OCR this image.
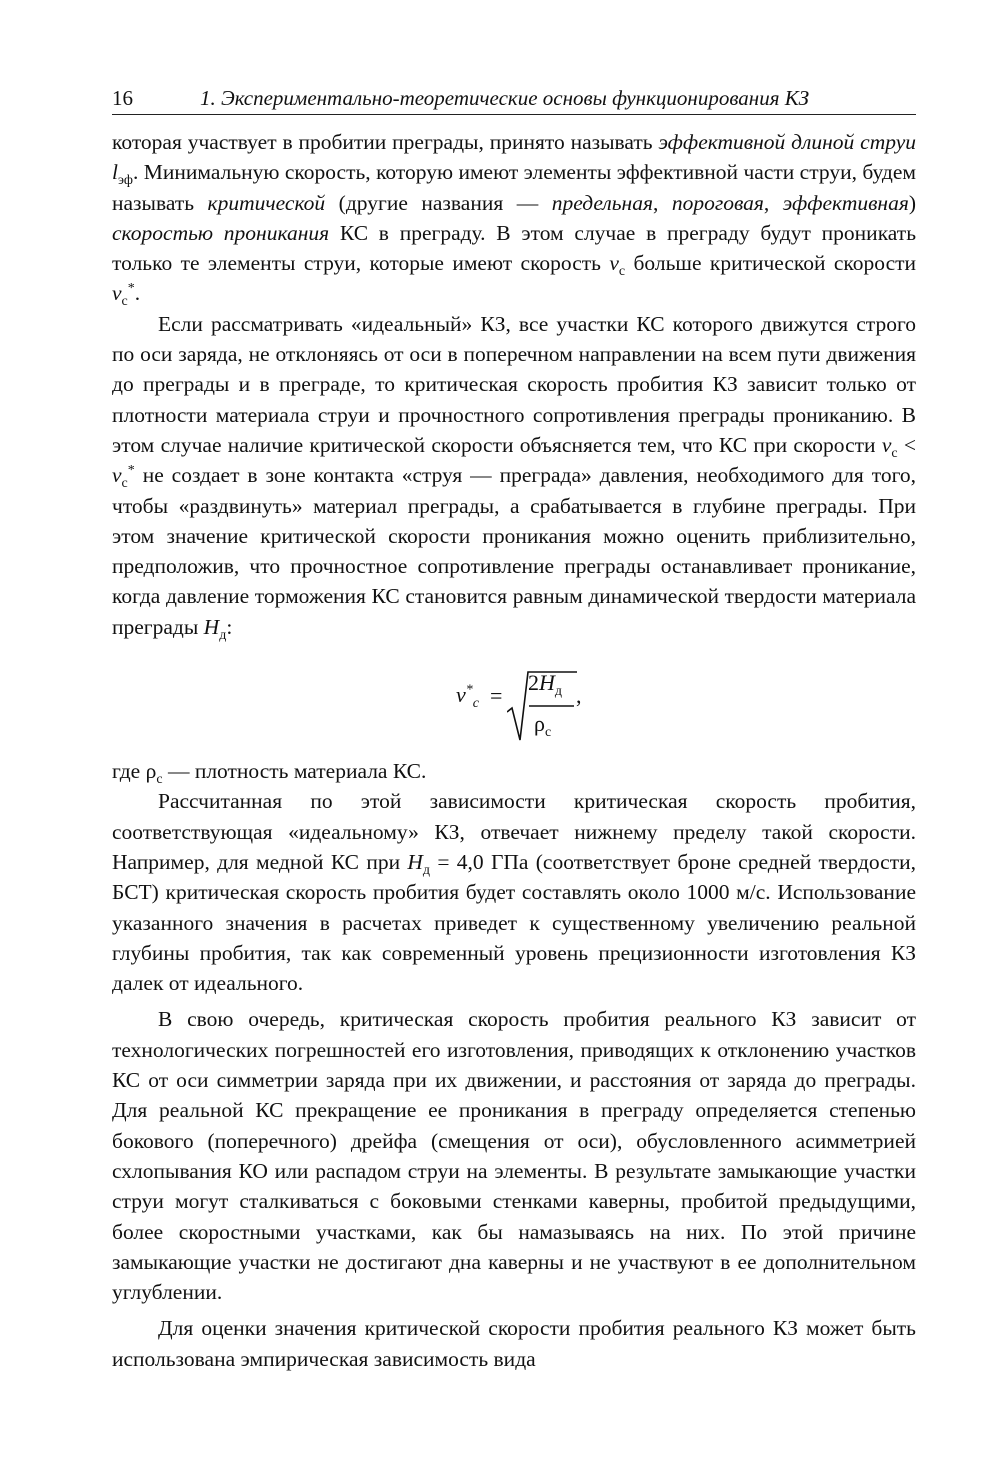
16	1. Экспериментально-теоретические основы функционирования КЗ

которая участвует в пробитии преграды, принято называть эффективной длиной струи $l_{эф}$. Минимальную скорость, которую имеют элементы эффективной части струи, будем называть критической (другие названия — предельная, пороговая, эффективная) скоростью проникания КС в преграду. В этом случае в преграду будут проникать только те элементы струи, которые имеют скорость $v_с$ больше критической скорости $v_с^*$.

Если рассматривать «идеальный» КЗ, все участки КС которого движутся строго по оси заряда, не отклоняясь от оси в поперечном направлении на всем пути движения до преграды и в преграде, то критическая скорость пробития КЗ зависит только от плотности материала струи и прочностного сопротивления преграды прониканию. В этом случае наличие критической скорости объясняется тем, что КС при скорости $v_с < v_с^*$ не создает в зоне контакта «струя — преграда» давления, необходимого для того, чтобы «раздвинуть» материал преграды, а срабатывается в глубине преграды. При этом значение критической скорости проникания можно оценить приблизительно, предположив, что прочностное сопротивление преграды останавливает проникание, когда давление торможения КС становится равным динамической твердости материала преграды $H_д$:

$v^*_с$ =
$2H_д$
$\rho_с$
,

где $\rho_с$ — плотность материала КС.

Рассчитанная по этой зависимости критическая скорость пробития, соответствующая «идеальному» КЗ, отвечает нижнему пределу такой скорости. Например, для медной КС при $H_д = 4,0$ ГПа (соответствует броне средней твердости, БСТ) критическая скорость пробития будет составлять около 1000 м/с. Использование указанного значения в расчетах приведет к существенному увеличению реальной глубины пробития, так как современный уровень прецизионности изготовления КЗ далек от идеального.

В свою очередь, критическая скорость пробития реального КЗ зависит от технологических погрешностей его изготовления, приводящих к отклонению участков КС от оси симметрии заряда при их движении, и расстояния от заряда до преграды. Для реальной КС прекращение ее проникания в преграду определяется степенью бокового (поперечного) дрейфа (смещения от оси), обусловленного асимметрией схлопывания КО или распадом струи на элементы. В результате замыкающие участки струи могут сталкиваться с боковыми стенками каверны, пробитой предыдущими, более скоростными участками, как бы намазываясь на них. По этой причине замыкающие участки не достигают дна каверны и не участвуют в ее дополнительном углублении.

Для оценки значения критической скорости пробития реального КЗ может быть использована эмпирическая зависимость вида
